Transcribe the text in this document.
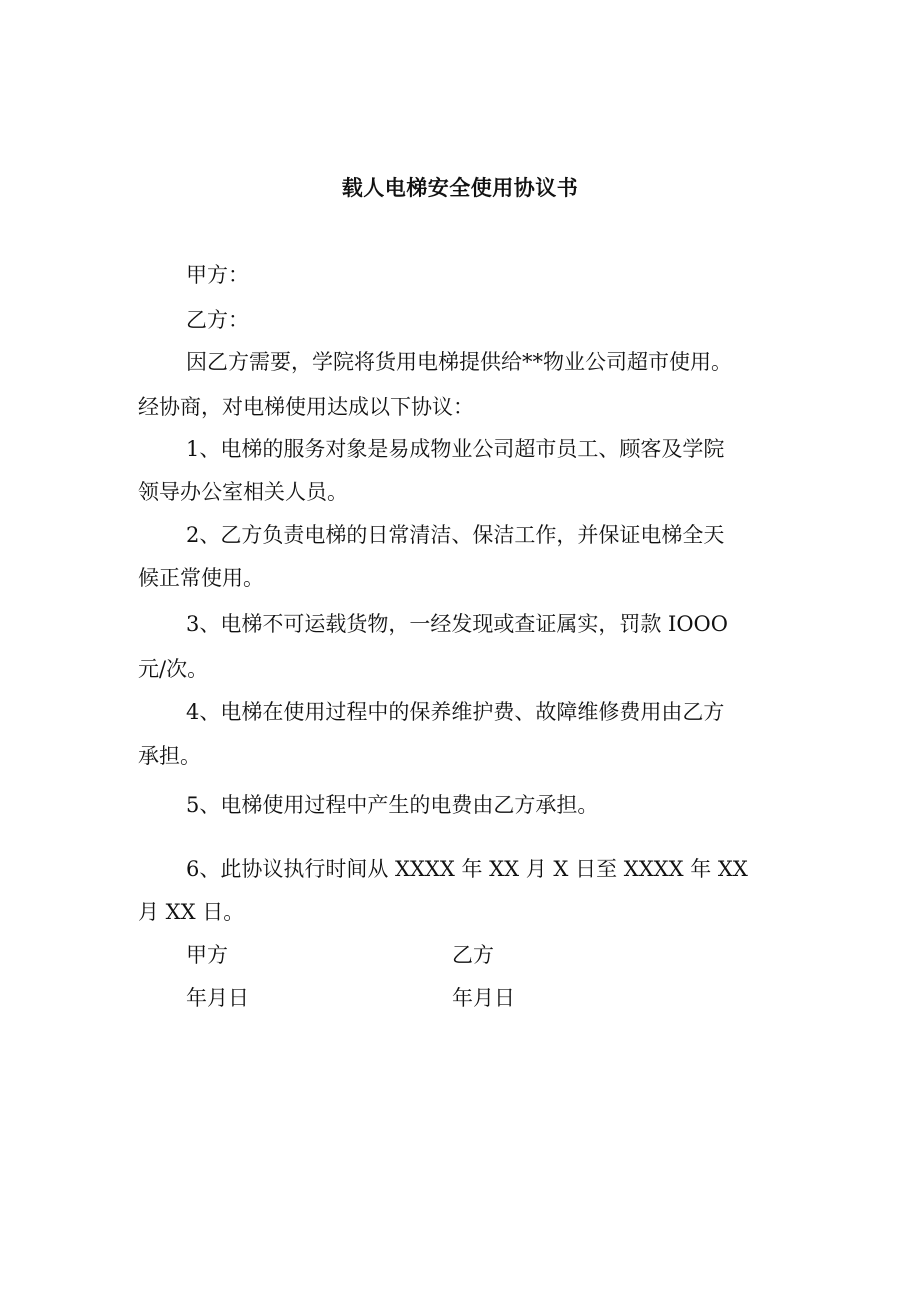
载人电梯安全使用协议书
甲方：
乙方：
因乙方需要，学院将货用电梯提供给**物业公司超市使用。
经协商，对电梯使用达成以下协议：
1、电梯的服务对象是易成物业公司超市员工、顾客及学院
领导办公室相关人员。
2、乙方负责电梯的日常清洁、保洁工作，并保证电梯全天
候正常使用。
3、电梯不可运载货物，一经发现或查证属实，罚款 IOOO
元/次。
4、电梯在使用过程中的保养维护费、故障维修费用由乙方
承担。
5、电梯使用过程中产生的电费由乙方承担。
6、此协议执行时间从 XXXX 年 XX 月 X 日至 XXXX 年 XX
月 XX 日。
甲方	乙方
年月日	年月日
